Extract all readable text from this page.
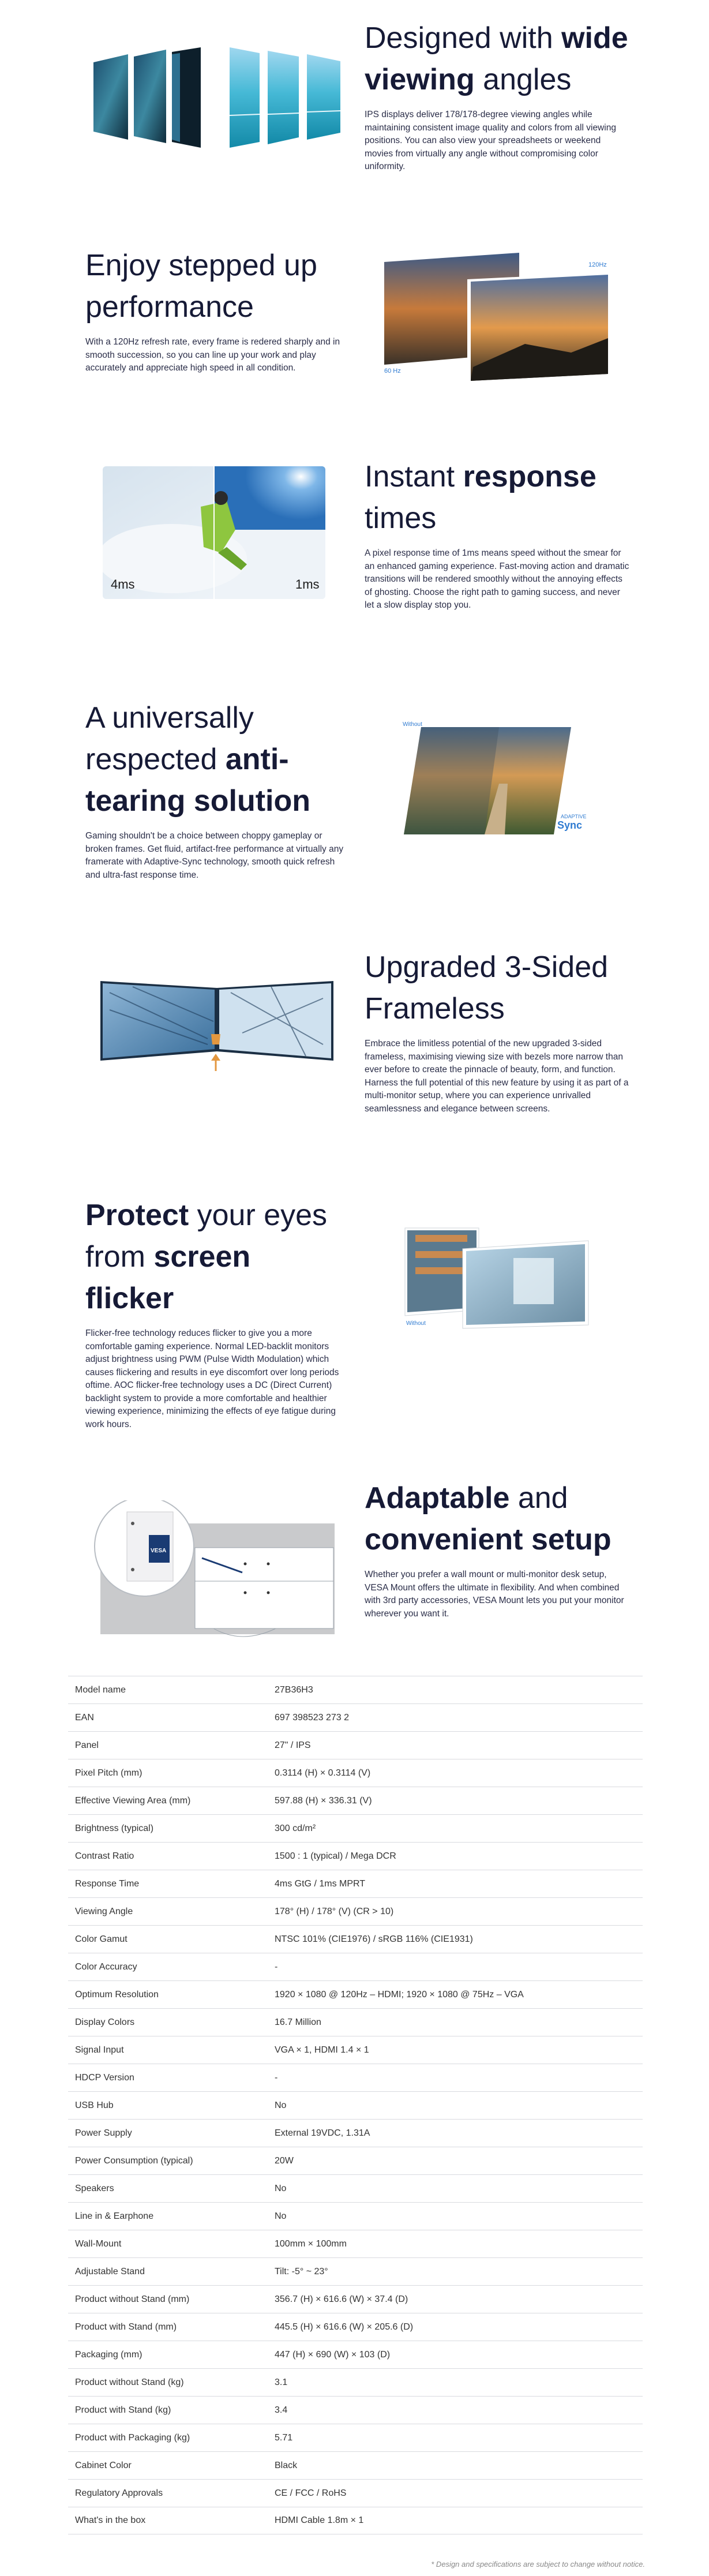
Designed with wide viewing angles

IPS displays deliver 178/178-degree viewing angles while maintaining consistent image quality and colors from all viewing positions. You can also view your spreadsheets or weekend movies from virtually any angle without compromising color uniformity.

Enjoy stepped up performance

With a 120Hz refresh rate, every frame is redered sharply and in smooth succession, so you can line up your work and play accurately and appreciate high speed in all condition.	60 Hz
120Hz
4ms	1ms
Instant response times

A pixel response time of 1ms means speed without the smear for an enhanced gaming experience. Fast-moving action and dramatic transitions will be rendered smoothly without the annoying effects of ghosting. Choose the right path to gaming success, and never let a slow display stop you.

A universally respected anti-tearing solution

Gaming shouldn't be a choice between choppy gameplay or broken frames. Get fluid, artifact-free performance at virtually any framerate with Adaptive-Sync technology, smooth quick refresh and ultra-fast response time.

Without
ADAPTIVE
Sync
Upgraded 3-Sided Frameless

Embrace the limitless potential of the new upgraded 3-sided frameless, maximising viewing size with bezels more narrow than ever before to create the pinnacle of beauty, form, and function. Harness the full potential of this new feature by using it as part of a multi-monitor setup, where you can experience unrivalled seamlessness and elegance between screens.

Protect your eyes from screen flicker

Flicker-free technology reduces flicker to give you a more comfortable gaming experience. Normal LED-backlit monitors adjust brightness using PWM (Pulse Width Modulation) which causes flickering and results in eye discomfort over long periods oftime. AOC flicker-free technology uses a DC (Direct Current) backlight system to provide a more comfortable and healthier viewing experience, minimizing the effects of eye fatigue during work hours.

Without
VESA
Adaptable and convenient setup

Whether you prefer a wall mount or multi-monitor desk setup, VESA Mount offers the ultimate in flexibility. And when combined with 3rd party accessories, VESA Mount lets you put your monitor wherever you want it.

Model name	27B36H3
EAN	697 398523 273 2
Panel	27" / IPS
Pixel Pitch (mm)	0.3114 (H) × 0.3114 (V)
Effective Viewing Area (mm)	597.88 (H) × 336.31 (V)
Brightness (typical)	300 cd/m²
Contrast Ratio	1500 : 1 (typical) / Mega DCR
Response Time	4ms GtG / 1ms MPRT
Viewing Angle	178° (H) / 178° (V) (CR > 10)
Color Gamut	NTSC 101% (CIE1976) / sRGB 116% (CIE1931)
Color Accuracy	-
Optimum Resolution	1920 × 1080 @ 120Hz – HDMI; 1920 × 1080 @ 75Hz – VGA
Display Colors	16.7 Million
Signal Input	VGA × 1, HDMI 1.4 × 1
HDCP Version	-
USB Hub	No
Power Supply	External 19VDC, 1.31A
Power Consumption (typical)	20W
Speakers	No
Line in & Earphone	No
Wall-Mount	100mm × 100mm
Adjustable Stand	Tilt: -5° ~ 23°
Product without Stand (mm)	356.7 (H) × 616.6 (W) × 37.4 (D)
Product with Stand (mm)	445.5 (H) × 616.6 (W) × 205.6 (D)
Packaging (mm)	447 (H) × 690 (W) × 103 (D)
Product without Stand (kg)	3.1
Product with Stand (kg)	3.4
Product with Packaging (kg)	5.71
Cabinet Color	Black
Regulatory Approvals	CE / FCC / RoHS
What's in the box	HDMI Cable 1.8m × 1
* Design and specifications are subject to change without notice.
